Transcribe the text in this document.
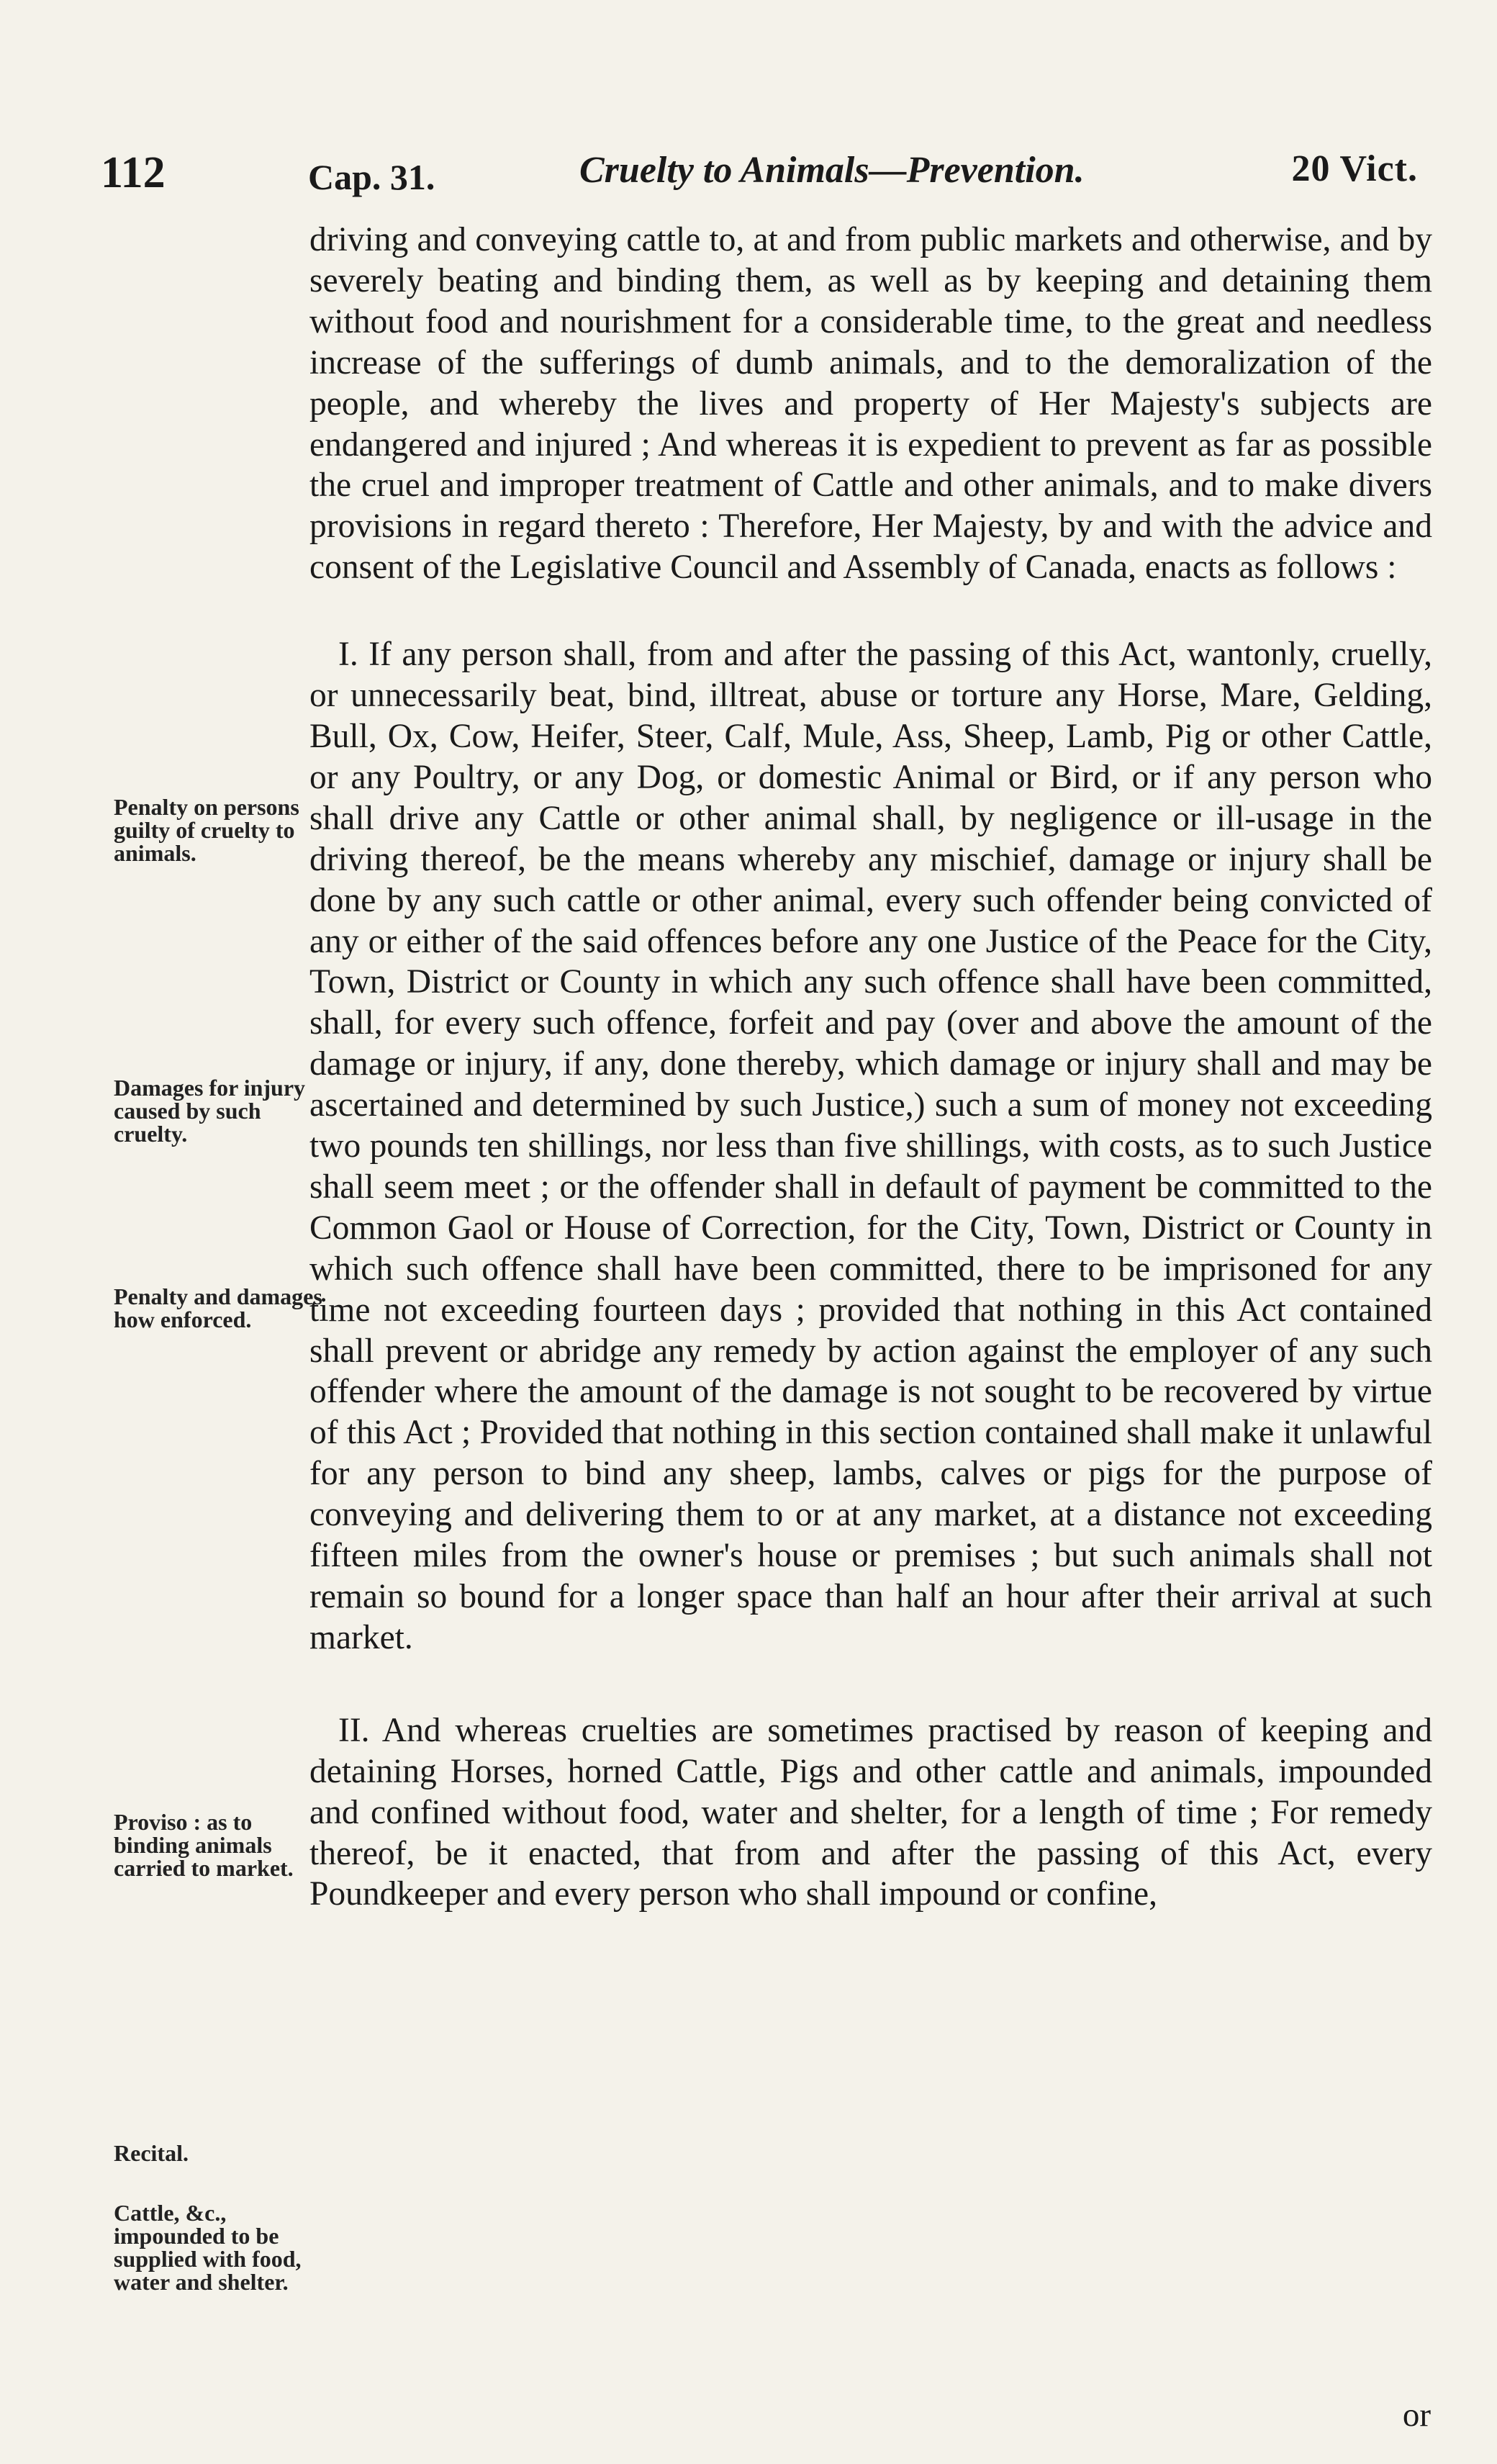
112	Cap. 31.	Cruelty to Animals—Prevention.	20 Vict.

driving and conveying cattle to, at and from public markets and otherwise, and by severely beating and binding them, as well as by keeping and detaining them without food and nourishment for a considerable time, to the great and needless increase of the sufferings of dumb animals, and to the demoralization of the people, and whereby the lives and property of Her Majesty's subjects are endangered and injured ; And whereas it is expedient to prevent as far as possible the cruel and improper treatment of Cattle and other animals, and to make divers provisions in regard thereto : Therefore, Her Majesty, by and with the advice and consent of the Legislative Council and Assembly of Canada, enacts as follows :

I. If any person shall, from and after the passing of this Act, wantonly, cruelly, or unnecessarily beat, bind, illtreat, abuse or torture any Horse, Mare, Gelding, Bull, Ox, Cow, Heifer, Steer, Calf, Mule, Ass, Sheep, Lamb, Pig or other Cattle, or any Poultry, or any Dog, or domestic Animal or Bird, or if any person who shall drive any Cattle or other animal shall, by negligence or ill-usage in the driving thereof, be the means whereby any mischief, damage or injury shall be done by any such cattle or other animal, every such offender being convicted of any or either of the said offences before any one Justice of the Peace for the City, Town, District or County in which any such offence shall have been committed, shall, for every such offence, forfeit and pay (over and above the amount of the damage or injury, if any, done thereby, which damage or injury shall and may be ascertained and determined by such Justice,) such a sum of money not exceeding two pounds ten shillings, nor less than five shillings, with costs, as to such Justice shall seem meet ; or the offender shall in default of payment be committed to the Common Gaol or House of Correction, for the City, Town, District or County in which such offence shall have been committed, there to be imprisoned for any time not exceeding fourteen days ; provided that nothing in this Act contained shall prevent or abridge any remedy by action against the employer of any such offender where the amount of the damage is not sought to be recovered by virtue of this Act ; Provided that nothing in this section contained shall make it unlawful for any person to bind any sheep, lambs, calves or pigs for the purpose of conveying and delivering them to or at any market, at a distance not exceeding fifteen miles from the owner's house or premises ; but such animals shall not remain so bound for a longer space than half an hour after their arrival at such market.

II. And whereas cruelties are sometimes practised by reason of keeping and detaining Horses, horned Cattle, Pigs and other cattle and animals, impounded and confined without food, water and shelter, for a length of time ; For remedy thereof, be it enacted, that from and after the passing of this Act, every Poundkeeper and every person who shall impound or confine,

or
Penalty on persons guilty of cruelty to animals.
Damages for injury caused by such cruelty.
Penalty and damages how enforced.
Proviso : as to binding animals carried to market.
Recital.
Cattle, &c., impounded to be supplied with food, water and shelter.
